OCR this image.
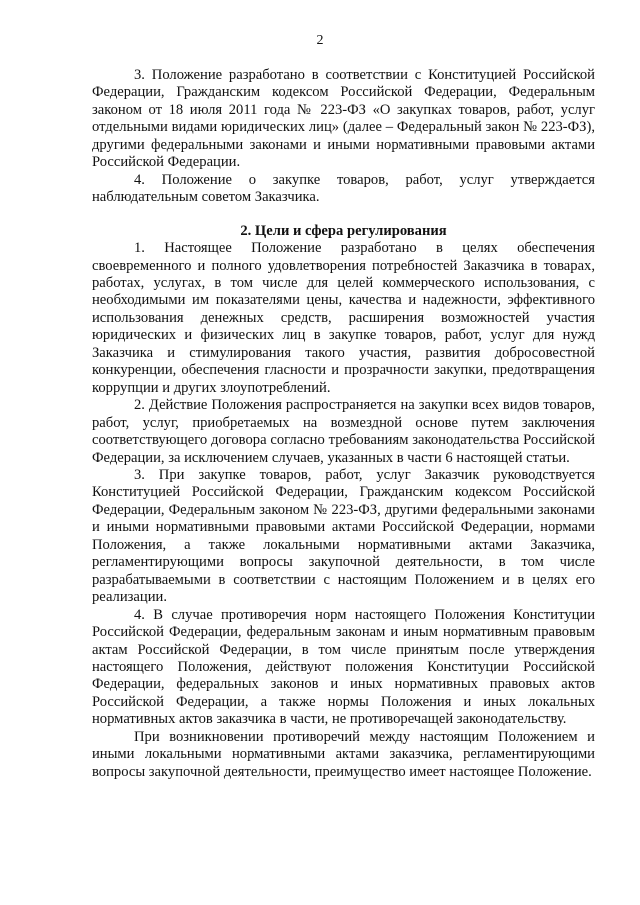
2

3. Положение разработано в соответствии с Конституцией Российской Федерации, Гражданским кодексом Российской Федерации, Федеральным законом от 18 июля 2011 года № 223-ФЗ «О закупках товаров, работ, услуг отдельными видами юридических лиц» (далее – Федеральный закон № 223-ФЗ), другими федеральными законами и иными нормативными правовыми актами Российской Федерации.

4. Положение о закупке товаров, работ, услуг утверждается наблюдательным советом Заказчика.

2. Цели и сфера регулирования

1. Настоящее Положение разработано в целях обеспечения своевременного и полного удовлетворения потребностей Заказчика в товарах, работах, услугах, в том числе для целей коммерческого использования, с необходимыми им показателями цены, качества и надежности, эффективного использования денежных средств, расширения возможностей участия юридических и физических лиц в закупке товаров, работ, услуг для нужд Заказчика и стимулирования такого участия, развития добросовестной конкуренции, обеспечения гласности и прозрачности закупки, предотвращения коррупции и других злоупотреблений.

2. Действие Положения распространяется на закупки всех видов товаров, работ, услуг, приобретаемых на возмездной основе путем заключения соответствующего договора согласно требованиям законодательства Российской Федерации, за исключением случаев, указанных в части 6 настоящей статьи.

3. При закупке товаров, работ, услуг Заказчик руководствуется Конституцией Российской Федерации, Гражданским кодексом Российской Федерации, Федеральным законом № 223-ФЗ, другими федеральными законами и иными нормативными правовыми актами Российской Федерации, нормами Положения, а также локальными нормативными актами Заказчика, регламентирующими вопросы закупочной деятельности, в том числе разрабатываемыми в соответствии с настоящим Положением и в целях его реализации.

4. В случае противоречия норм настоящего Положения Конституции Российской Федерации, федеральным законам и иным нормативным правовым актам Российской Федерации, в том числе принятым после утверждения настоящего Положения, действуют положения Конституции Российской Федерации, федеральных законов и иных нормативных правовых актов Российской Федерации, а также нормы Положения и иных локальных нормативных актов заказчика в части, не противоречащей законодательству.

При возникновении противоречий между настоящим Положением и иными локальными нормативными актами заказчика, регламентирующими вопросы закупочной деятельности, преимущество имеет настоящее Положение.
